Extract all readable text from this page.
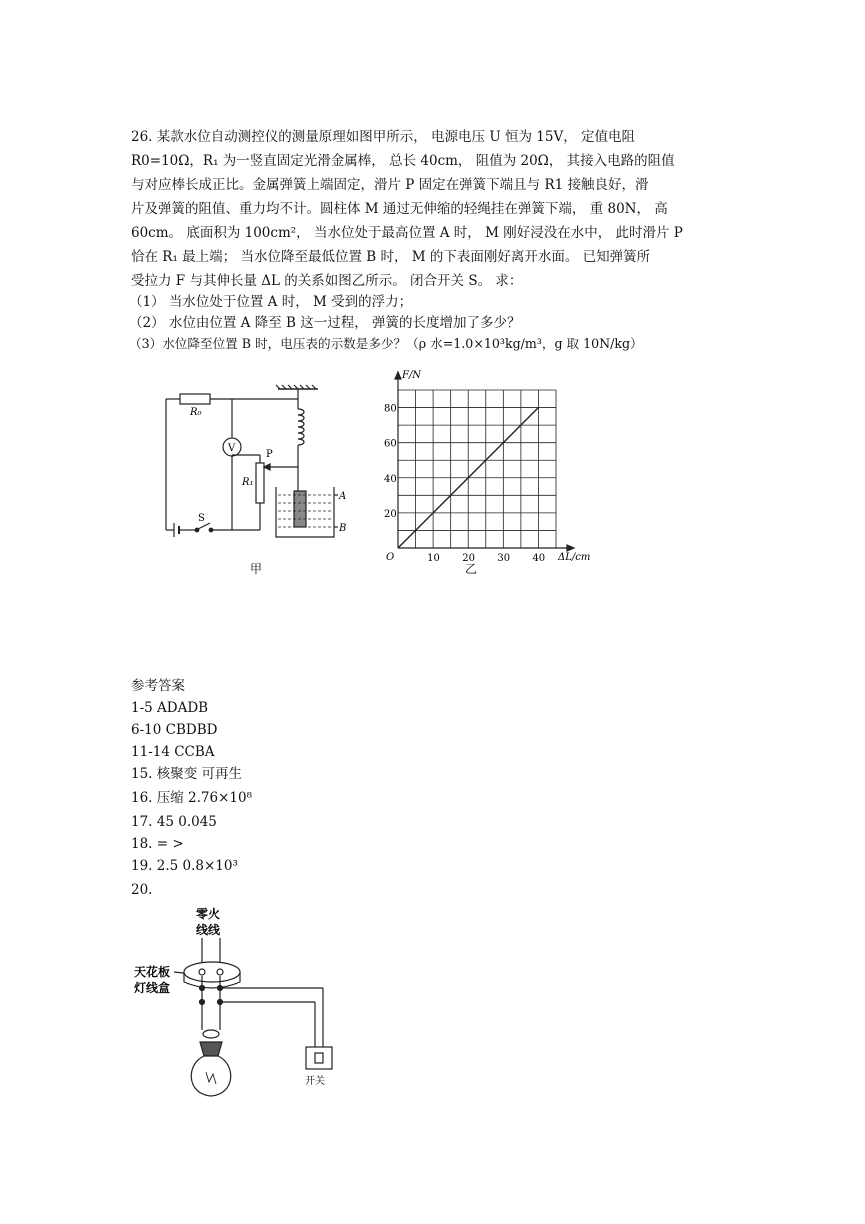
26. 某款水位自动测控仪的测量原理如图甲所示， 电源电压 U 恒为 15V， 定值电阻
R0=10Ω，R₁ 为一竖直固定光滑金属棒， 总长 40cm， 阻值为 20Ω， 其接入电路的阻值
与对应棒长成正比。金属弹簧上端固定，滑片 P 固定在弹簧下端且与 R1 接触良好，滑
片及弹簧的阻值、重力均不计。圆柱体 M 通过无伸缩的轻绳挂在弹簧下端， 重 80N， 高
60cm。 底面积为 100cm²， 当水位处于最高位置 A 时， M 刚好浸没在水中， 此时滑片 P
恰在 R₁ 最上端； 当水位降至最低位置 B 时， M 的下表面刚好离开水面。 已知弹簧所
受拉力 F 与其伸长量 ΔL 的关系如图乙所示。 闭合开关 S。 求：
（1） 当水位处于位置 A 时， M 受到的浮力；
（2） 水位由位置 A 降至 B 这一过程， 弹簧的长度增加了多少？
（3）水位降至位置 B 时，电压表的示数是多少？（ρ 水=1.0×10³kg/m³，g 取 10N/kg）
R₀
V
R₁
P
S
A
B
甲
10 20 30 40
20
40
60
80
F/N
ΔL/cm
O
乙
参考答案
1-5 ADADB
6-10 CBDBD
11-14 CCBA
15. 核聚变 可再生
16. 压缩 2.76×10⁸
17. 45 0.045
18. = >
19. 2.5 0.8×10³
20.
零火
线线
天花板
灯线盒
开关
